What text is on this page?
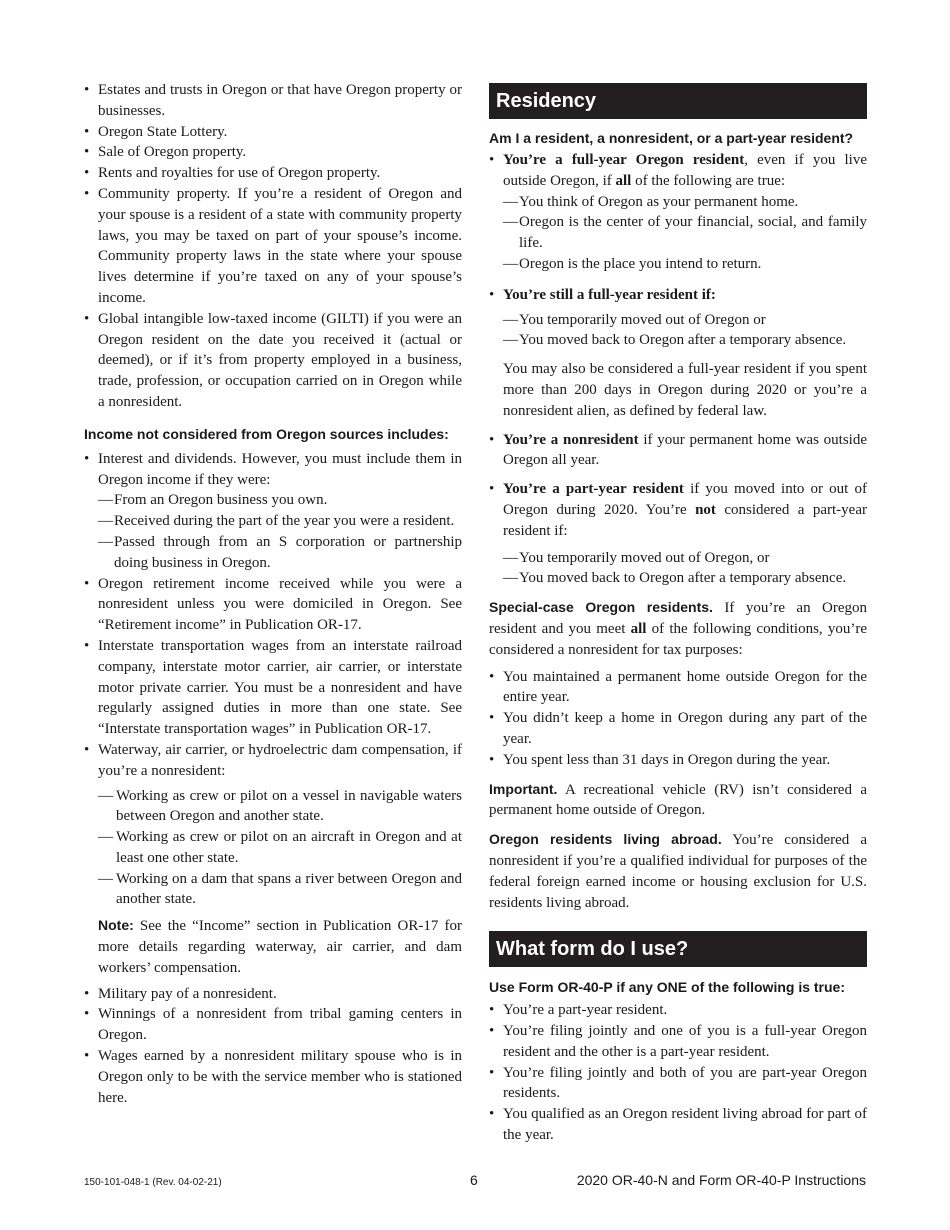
• Estates and trusts in Oregon or that have Oregon property or businesses.

• Oregon State Lottery.

• Sale of Oregon property.

• Rents and royalties for use of Oregon property.

• Community property. If you’re a resident of Oregon and your spouse is a resident of a state with community property laws, you may be taxed on part of your spouse’s income. Community property laws in the state where your spouse lives determine if you’re taxed on any of your spouse’s income.

• Global intangible low-taxed income (GILTI) if you were an Oregon resident on the date you received it (actual or deemed), or if it’s from property employed in a business, trade, profession, or occupation carried on in Oregon while a nonresident.

Income not considered from Oregon sources includes:

• Interest and dividends. However, you must include them in Oregon income if they were:

— From an Oregon business you own.

— Received during the part of the year you were a resident.

— Passed through from an S corporation or partnership doing business in Oregon.

• Oregon retirement income received while you were a nonresident unless you were domiciled in Oregon. See “Retirement income” in Publication OR-17.

• Interstate transportation wages from an interstate railroad company, interstate motor carrier, air carrier, or interstate motor private carrier. You must be a nonresident and have regularly assigned duties in more than one state. See “Interstate transportation wages” in Publication OR-17.

• Waterway, air carrier, or hydroelectric dam compensation, if you’re a nonresident:

— Working as crew or pilot on a vessel in navigable waters between Oregon and another state.

— Working as crew or pilot on an aircraft in Oregon and at least one other state.

— Working on a dam that spans a river between Oregon and another state.

Note: See the “Income” section in Publication OR-17 for more details regarding waterway, air carrier, and dam workers’ compensation.

• Military pay of a nonresident.

• Winnings of a nonresident from tribal gaming centers in Oregon.

• Wages earned by a nonresident military spouse who is in Oregon only to be with the service member who is stationed here.

Residency

Am I a resident, a nonresident, or a part-year resident?

• You’re a full-year Oregon resident, even if you live outside Oregon, if all of the following are true:

— You think of Oregon as your permanent home.

— Oregon is the center of your financial, social, and family life.

— Oregon is the place you intend to return.

• You’re still a full-year resident if:

— You temporarily moved out of Oregon or

— You moved back to Oregon after a temporary absence.

You may also be considered a full-year resident if you spent more than 200 days in Oregon during 2020 or you’re a nonresident alien, as defined by federal law.

• You’re a nonresident if your permanent home was outside Oregon all year.

• You’re a part-year resident if you moved into or out of Oregon during 2020. You’re not considered a part-year resident if:

— You temporarily moved out of Oregon, or

— You moved back to Oregon after a temporary absence.

Special-case Oregon residents. If you’re an Oregon resident and you meet all of the following conditions, you’re considered a nonresident for tax purposes:

• You maintained a permanent home outside Oregon for the entire year.

• You didn’t keep a home in Oregon during any part of the year.

• You spent less than 31 days in Oregon during the year.

Important. A recreational vehicle (RV) isn’t considered a permanent home outside of Oregon.

Oregon residents living abroad. You’re considered a nonresident if you’re a qualified individual for purposes of the federal foreign earned income or housing exclusion for U.S. residents living abroad.

What form do I use?

Use Form OR-40-P if any ONE of the following is true:

• You’re a part-year resident.

• You’re filing jointly and one of you is a full-year Oregon resident and the other is a part-year resident.

• You’re filing jointly and both of you are part-year Oregon residents.

• You qualified as an Oregon resident living abroad for part of the year.

150-101-048-1 (Rev. 04-02-21)	6	2020 OR-40-N and Form OR-40-P Instructions
